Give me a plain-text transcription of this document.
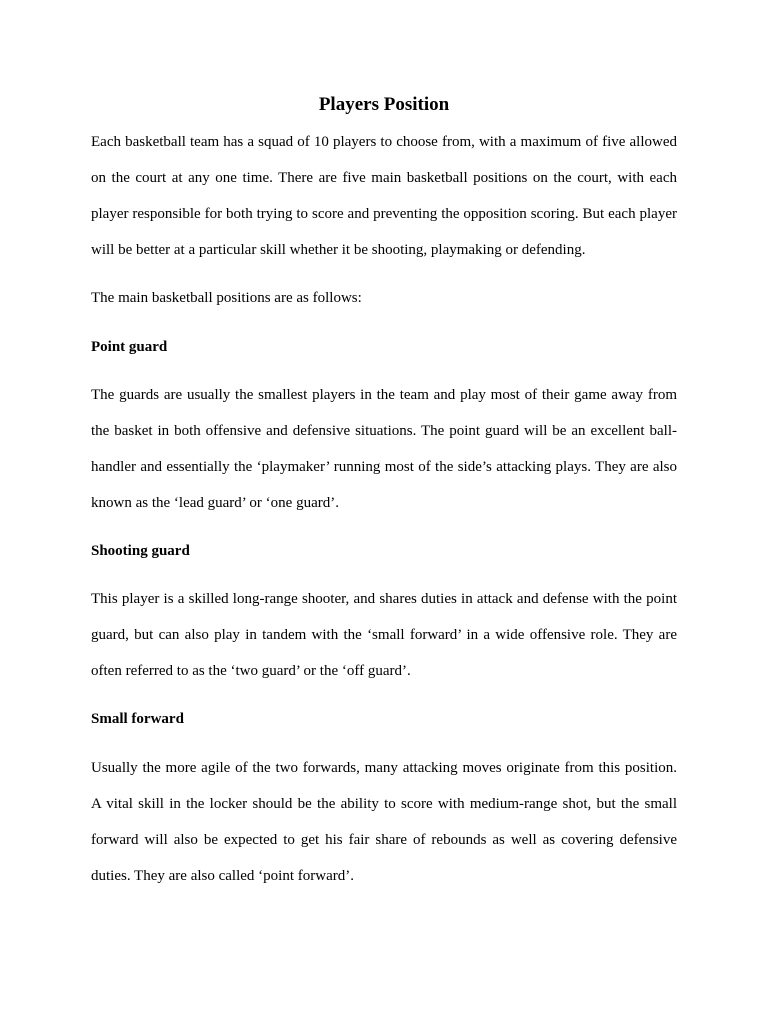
Players Position
Each basketball team has a squad of 10 players to choose from, with a maximum of five allowed
on the court at any one time. There are five main basketball positions on the court, with each
player responsible for both trying to score and preventing the opposition scoring. But each player
will be better at a particular skill whether it be shooting, playmaking or defending.
The main basketball positions are as follows:
Point guard
The guards are usually the smallest players in the team and play most of their game away from
the basket in both offensive and defensive situations. The point guard will be an excellent ball-
handler and essentially the ‘playmaker’ running most of the side’s attacking plays. They are also
known as the ‘lead guard’ or ‘one guard’.
Shooting guard
This player is a skilled long-range shooter, and shares duties in attack and defense with the point
guard, but can also play in tandem with the ‘small forward’ in a wide offensive role. They are
often referred to as the ‘two guard’ or the ‘off guard’.
Small forward
Usually the more agile of the two forwards, many attacking moves originate from this position.
A vital skill in the locker should be the ability to score with medium-range shot, but the small
forward will also be expected to get his fair share of rebounds as well as covering defensive
duties. They are also called ‘point forward’.
